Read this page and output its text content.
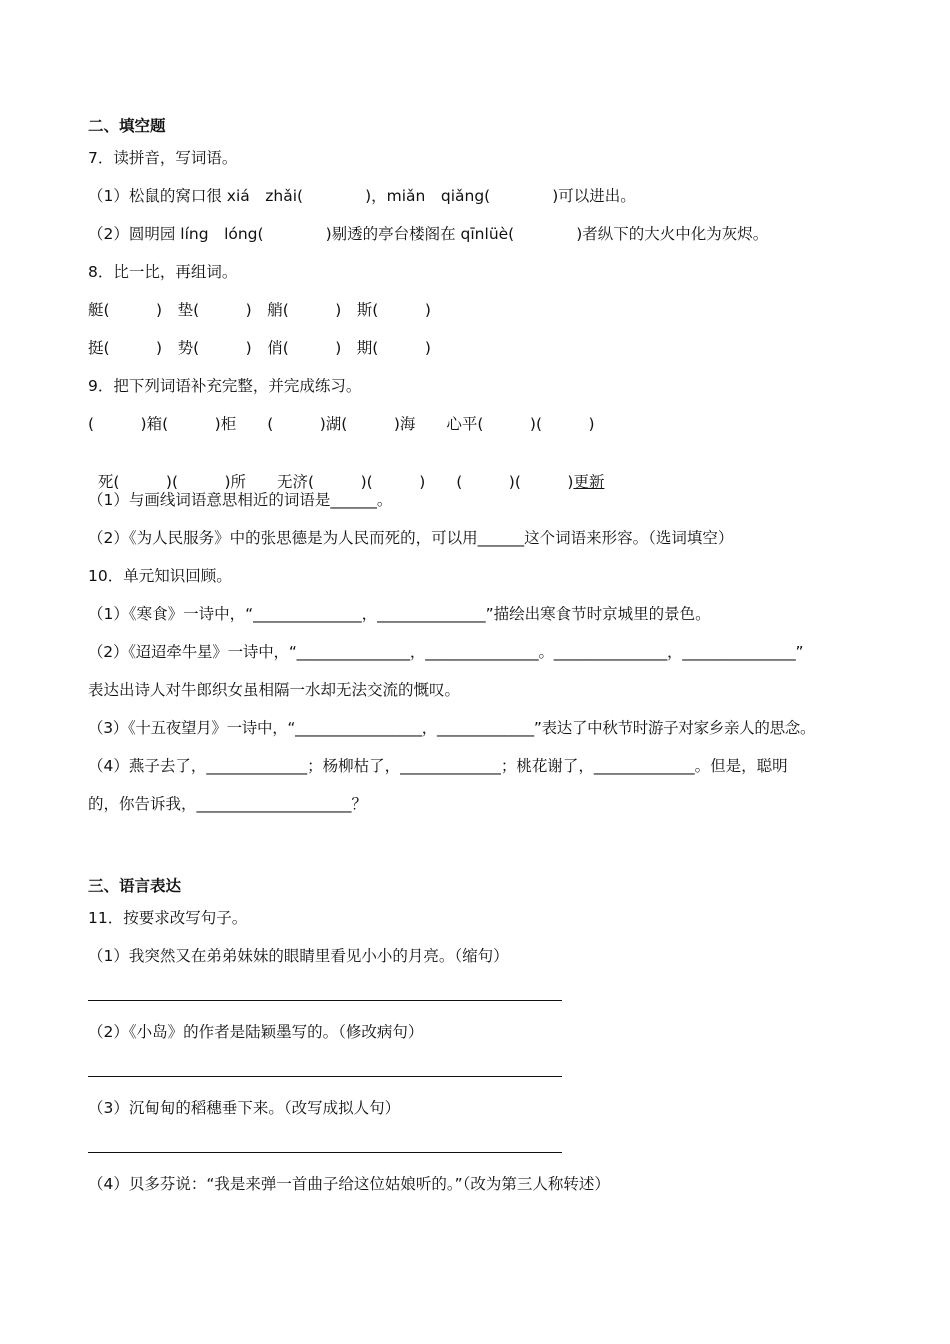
二、填空题
7．读拼音，写词语。
（1）松鼠的窝口很 xiá　zhǎi(　　　　)，miǎn　qiǎng(　　　　)可以进出。
（2）圆明园 líng　lóng(　　　　)剔透的亭台楼阁在 qīnlüè(　　　　)者纵下的大火中化为灰烬。
8．比一比，再组词。
艇(　　　)　垫(　　　)　艄(　　　)　斯(　　　)
挺(　　　)　势(　　　)　俏(　　　)　期(　　　)
9．把下列词语补充完整，并完成练习。
(　　　)箱(　　　)柜　　(　　　)湖(　　　)海　　心平(　　　)(　　　)

死(　　　)(　　　)所　　无济(　　　)(　　　)　　(　　　)(　　　)更新

（1）与画线词语意思相近的词语是______。
（2）《为人民服务》中的张思德是为人民而死的，可以用______这个词语来形容。（选词填空）
10．单元知识回顾。
（1）《寒食》一诗中，“______________，______________”描绘出寒食节时京城里的景色。
（2）《迢迢牵牛星》一诗中，“_______________，_______________。_______________，_______________”
表达出诗人对牛郎织女虽相隔一水却无法交流的慨叹。
（3）《十五夜望月》一诗中，“_________________，_____________”表达了中秋节时游子对家乡亲人的思念。
（4）燕子去了，_____________；杨柳枯了，_____________；桃花谢了，_____________。但是，聪明
的，你告诉我，____________________？
三、语言表达
11．按要求改写句子。
（1）我突然又在弟弟妹妹的眼睛里看见小小的月亮。（缩句）
（2）《小岛》的作者是陆颖墨写的。（修改病句）
（3）沉甸甸的稻穗垂下来。（改写成拟人句）
（4）贝多芬说：“我是来弹一首曲子给这位姑娘听的。”（改为第三人称转述）
